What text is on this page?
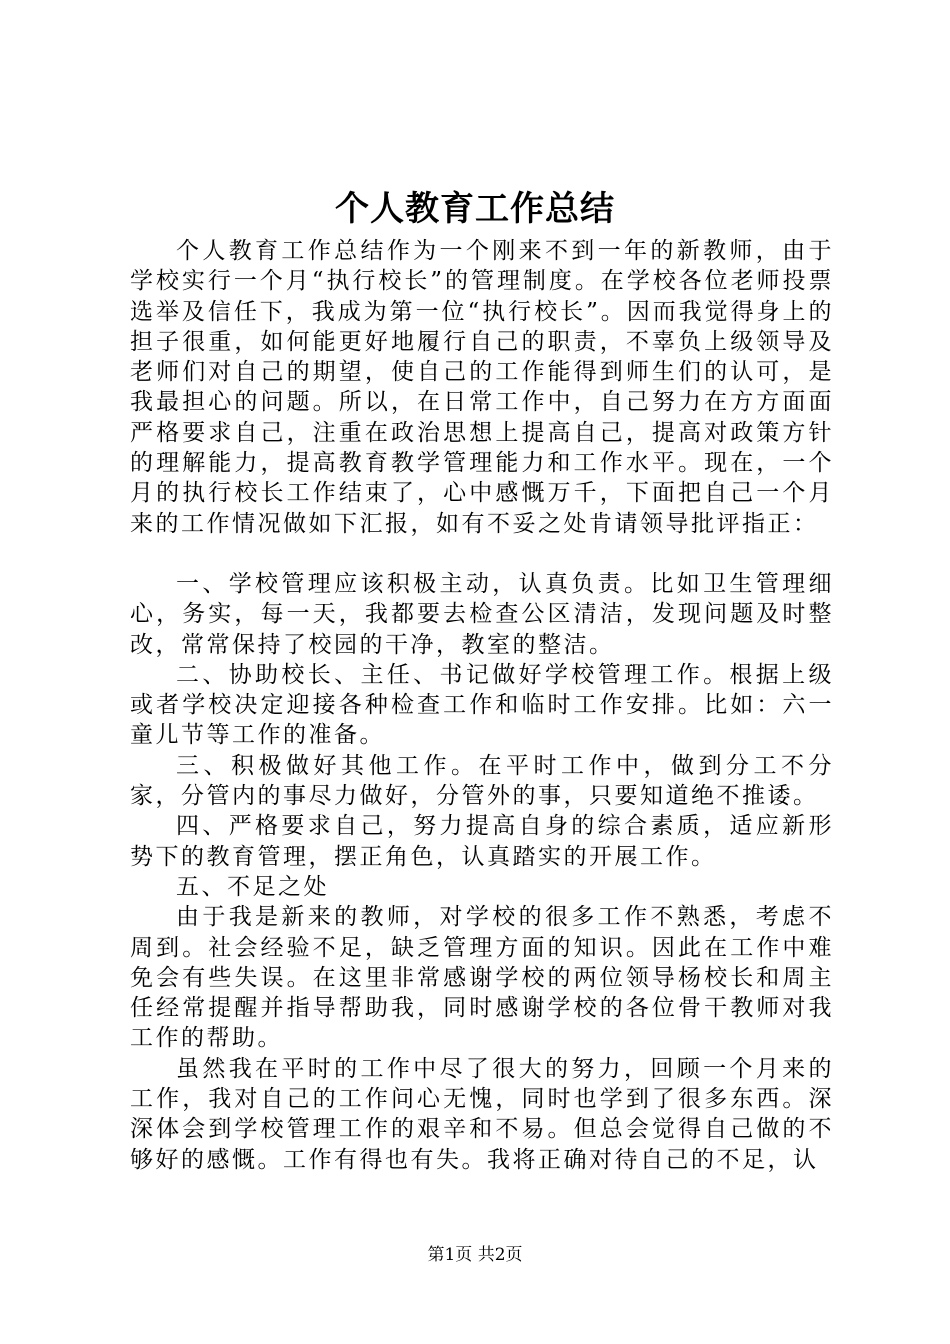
个人教育工作总结

个人教育工作总结作为一个刚来不到一年的新教师，由于学校实行一个月“执行校长”的管理制度。在学校各位老师投票选举及信任下，我成为第一位“执行校长”。因而我觉得身上的担子很重，如何能更好地履行自己的职责，不辜负上级领导及老师们对自己的期望，使自己的工作能得到师生们的认可，是我最担心的问题。所以，在日常工作中，自己努力在方方面面严格要求自己，注重在政治思想上提高自己，提高对政策方针的理解能力，提高教育教学管理能力和工作水平。现在，一个月的执行校长工作结束了，心中感慨万千，下面把自己一个月来的工作情况做如下汇报，如有不妥之处肯请领导批评指正：

一、学校管理应该积极主动，认真负责。比如卫生管理细心，务实，每一天，我都要去检查公区清洁，发现问题及时整改，常常保持了校园的干净，教室的整洁。

二、协助校长、主任、书记做好学校管理工作。根据上级或者学校决定迎接各种检查工作和临时工作安排。比如：六一童儿节等工作的准备。

三、积极做好其他工作。在平时工作中，做到分工不分家，分管内的事尽力做好，分管外的事，只要知道绝不推诿。

四、严格要求自己，努力提高自身的综合素质，适应新形势下的教育管理，摆正角色，认真踏实的开展工作。

五、不足之处

由于我是新来的教师，对学校的很多工作不熟悉，考虑不周到。社会经验不足，缺乏管理方面的知识。因此在工作中难免会有些失误。在这里非常感谢学校的两位领导杨校长和周主任经常提醒并指导帮助我，同时感谢学校的各位骨干教师对我工作的帮助。

虽然我在平时的工作中尽了很大的努力，回顾一个月来的工作，我对自己的工作问心无愧，同时也学到了很多东西。深深体会到学校管理工作的艰辛和不易。但总会觉得自己做的不够好的感慨。工作有得也有失。我将正确对待自己的不足，认

第1页 共2页
